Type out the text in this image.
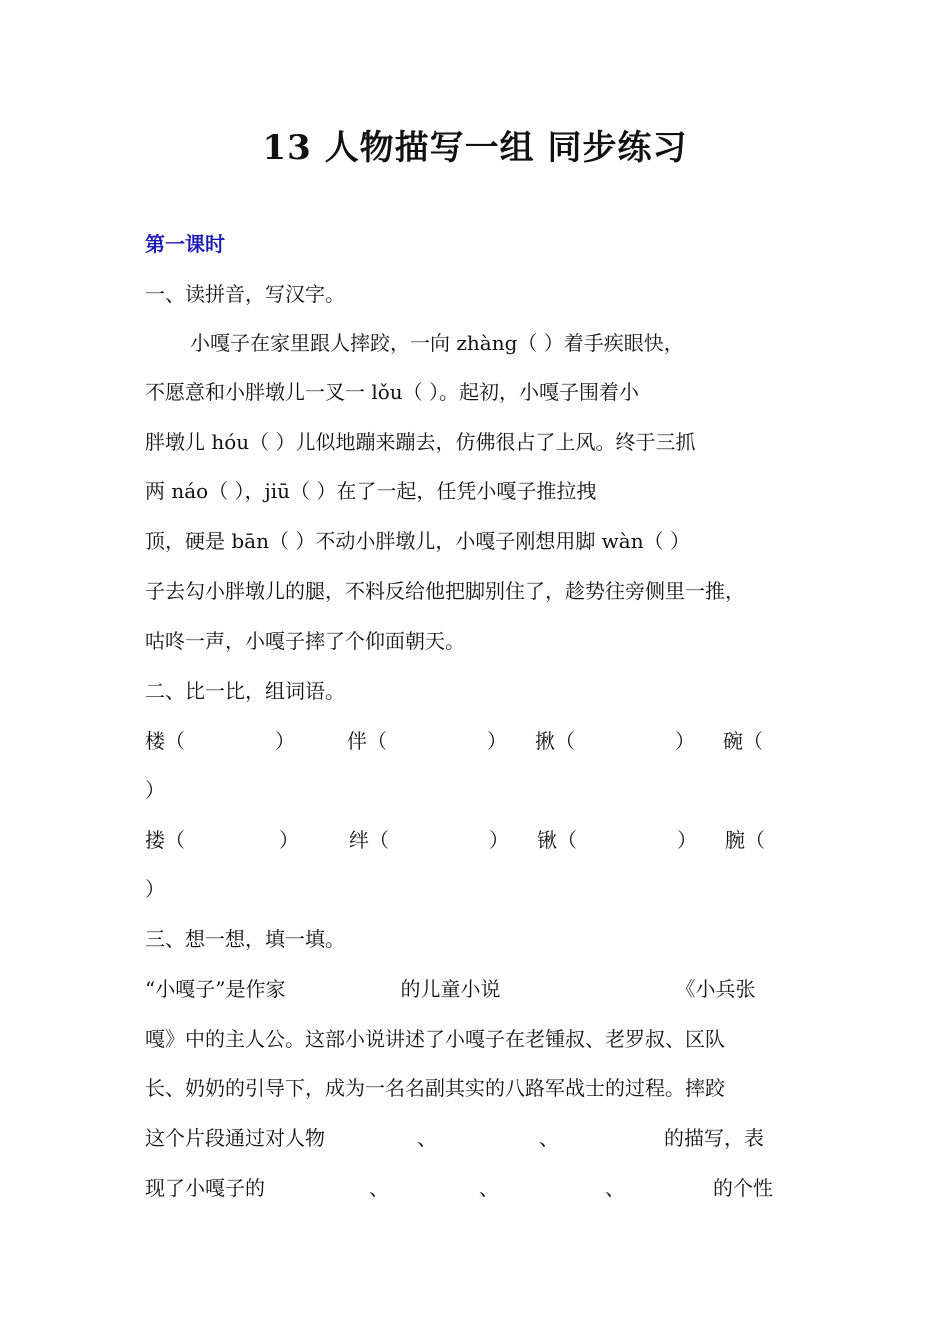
13 人物描写一组 同步练习
第一课时
一、读拼音，写汉字。
小嘎子在家里跟人摔跤，一向 zhàng（ ）着手疾眼快，
不愿意和小胖墩儿一叉一 lǒu（ ）。起初，小嘎子围着小
胖墩儿 hóu（ ）儿似地蹦来蹦去，仿佛很占了上风。终于三抓
两 náo（ ），jiū（ ）在了一起，任凭小嘎子推拉拽
顶，硬是 bān（ ）不动小胖墩儿，小嘎子刚想用脚 wàn（ ）
子去勾小胖墩儿的腿，不料反给他把脚别住了，趁势往旁侧里一推，
咕咚一声，小嘎子摔了个仰面朝天。
二、比一比，组词语。
楼（	）	伴（	） 揪（	） 碗（
）
搂（	）	绊（	） 锹（	） 腕（
）
三、想一想，填一填。
“小嘎子”是作家	的儿童小说	《小兵张
嘎》中的主人公。这部小说讲述了小嘎子在老锺叔、老罗叔、区队
长、奶奶的引导下，成为一名名副其实的八路军战士的过程。摔跤
这个片段通过对人物	、	、	的描写，表
现了小嘎子的	、	、	、	的个性
